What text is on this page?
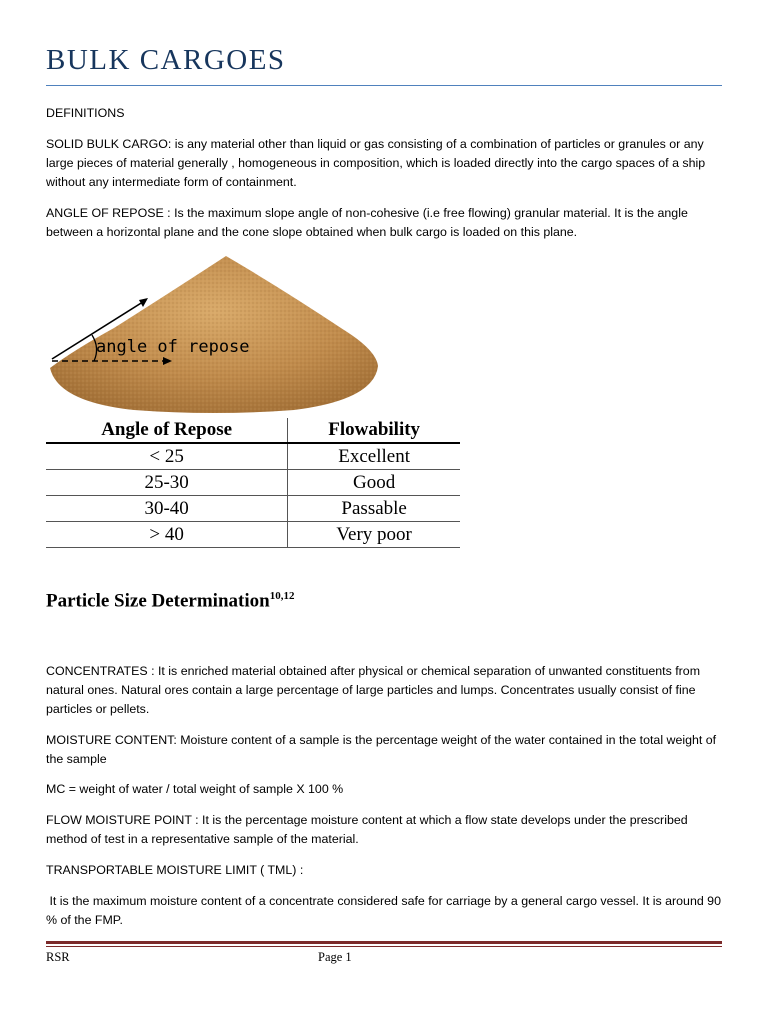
BULK CARGOES
DEFINITIONS
SOLID BULK CARGO: is any material other than liquid or gas consisting of a combination of particles or granules or any large pieces of material generally , homogeneous in composition, which is loaded directly into the cargo spaces of a ship without any intermediate form of containment.
ANGLE OF REPOSE : Is the maximum slope angle of non-cohesive (i.e free flowing) granular material. It is the angle between a horizontal plane and the cone slope obtained when bulk cargo is loaded on this plane.
angle of repose
Angle of Repose	Flowability
< 25	Excellent
25-30	Good
30-40	Passable
> 40	Very poor
Particle Size Determination$^{10,12}$
CONCENTRATES : It is enriched material obtained after physical or chemical separation of unwanted constituents from natural ones. Natural ores contain a large percentage of large particles and lumps. Concentrates usually consist of fine particles or pellets.
MOISTURE CONTENT: Moisture content of a sample is the percentage weight of the water contained in the total weight of the sample
MC = weight of water / total weight of sample X 100 %
FLOW MOISTURE POINT : It is the percentage moisture content at which a flow state develops under the prescribed method of test in a representative sample of the material.
TRANSPORTABLE MOISTURE LIMIT ( TML) :
It is the maximum moisture content of a concentrate considered safe for carriage by a general cargo vessel. It is around 90 % of the FMP.
RSR	Page 1
